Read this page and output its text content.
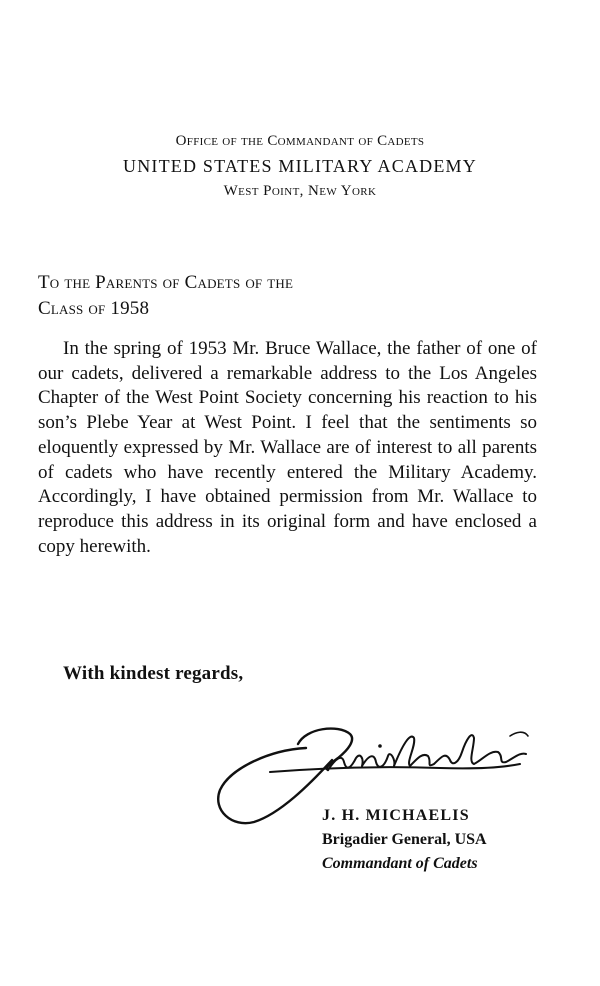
Office of the Commandant of Cadets
UNITED STATES MILITARY ACADEMY
West Point, New York
To the Parents of Cadets of the
Class of 1958

In the spring of 1953 Mr. Bruce Wallace, the father of one of our cadets, delivered a remarkable address to the Los Angeles Chapter of the West Point Society concerning his reaction to his son’s Plebe Year at West Point. I feel that the sentiments so eloquently expressed by Mr. Wallace are of interest to all parents of cadets who have recently entered the Military Academy. Accordingly, I have obtained permission from Mr. Wallace to reproduce this address in its original form and have enclosed a copy herewith.

With kindest regards,
J. H. MICHAELIS
Brigadier General, USA
Commandant of Cadets
